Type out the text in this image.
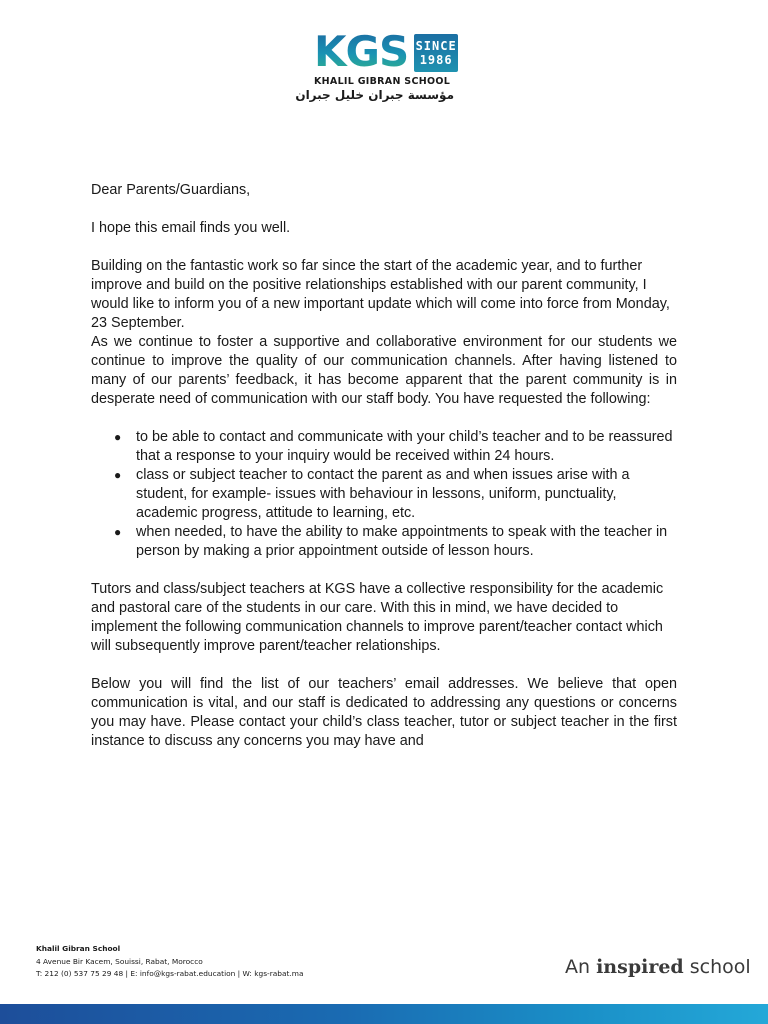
KGS SINCE
1986
KHALIL GIBRAN SCHOOL
مؤسسة جبران خليل جبران

Dear Parents/Guardians,

I hope this email finds you well.

Building on the fantastic work so far since the start of the academic year, and to further improve and build on the positive relationships established with our parent community, I would like to inform you of a new important update which will come into force from Monday, 23 September.

As we continue to foster a supportive and collaborative environment for our students we continue to improve the quality of our communication channels. After having listened to many of our parents’ feedback, it has become apparent that the parent community is in desperate need of communication with our staff body. You have requested the following:

● to be able to contact and communicate with your child’s teacher and to be reassured that a response to your inquiry would be received within 24 hours.
● class or subject teacher to contact the parent as and when issues arise with a student, for example- issues with behaviour in lessons, uniform, punctuality, academic progress, attitude to learning, etc.
● when needed, to have the ability to make appointments to speak with the teacher in person by making a prior appointment outside of lesson hours.

Tutors and class/subject teachers at KGS have a collective responsibility for the academic and pastoral care of the students in our care. With this in mind, we have decided to implement the following communication channels to improve parent/teacher contact which will subsequently improve parent/teacher relationships.

Below you will find the list of our teachers’ email addresses. We believe that open communication is vital, and our staff is dedicated to addressing any questions or concerns you may have. Please contact your child’s class teacher, tutor or subject teacher in the first instance to discuss any concerns you may have and

Khalil Gibran School
4 Avenue Bir Kacem, Souissi, Rabat, Morocco
T: 212 (0) 537 75 29 48 | E: info@kgs-rabat.education | W: kgs-rabat.ma	An inspired school
